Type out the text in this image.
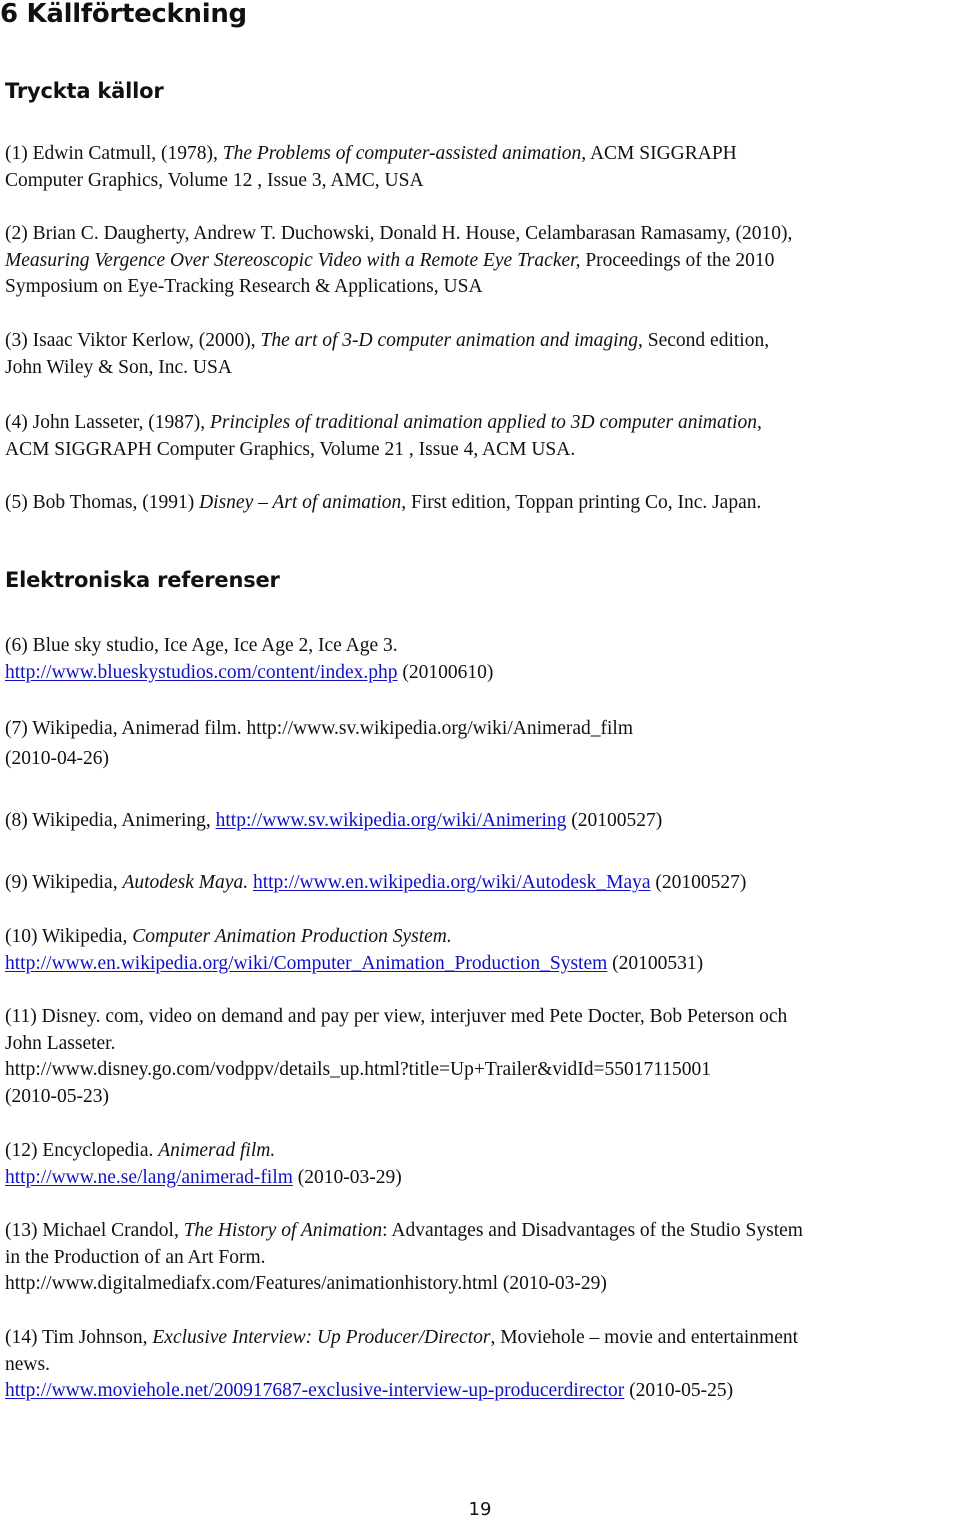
6 Källförteckning
Tryckta källor
(1) Edwin Catmull, (1978), The Problems of computer-assisted animation, ACM SIGGRAPH
Computer Graphics, Volume 12 , Issue 3, AMC, USA
(2) Brian C. Daugherty, Andrew T. Duchowski, Donald H. House, Celambarasan Ramasamy, (2010),
Measuring Vergence Over Stereoscopic Video with a Remote Eye Tracker, Proceedings of the 2010
Symposium on Eye-Tracking Research & Applications, USA
(3) Isaac Viktor Kerlow, (2000), The art of 3-D computer animation and imaging, Second edition,
John Wiley & Son, Inc. USA
(4) John Lasseter, (1987), Principles of traditional animation applied to 3D computer animation,
ACM SIGGRAPH Computer Graphics, Volume 21 , Issue 4, ACM USA.
(5) Bob Thomas, (1991) Disney – Art of animation, First edition, Toppan printing Co, Inc. Japan.
Elektroniska referenser
(6) Blue sky studio, Ice Age, Ice Age 2, Ice Age 3.
http://www.blueskystudios.com/content/index.php (20100610)
(7) Wikipedia, Animerad film. http://www.sv.wikipedia.org/wiki/Animerad_film
(2010-04-26)
(8) Wikipedia, Animering, http://www.sv.wikipedia.org/wiki/Animering (20100527)
(9) Wikipedia, Autodesk Maya. http://www.en.wikipedia.org/wiki/Autodesk_Maya (20100527)
(10) Wikipedia, Computer Animation Production System.
http://www.en.wikipedia.org/wiki/Computer_Animation_Production_System (20100531)
(11) Disney. com, video on demand and pay per view, interjuver med Pete Docter, Bob Peterson och
John Lasseter.
http://www.disney.go.com/vodppv/details_up.html?title=Up+Trailer&vidId=55017115001
(2010-05-23)
(12) Encyclopedia. Animerad film.
http://www.ne.se/lang/animerad-film (2010-03-29)
(13) Michael Crandol, The History of Animation: Advantages and Disadvantages of the Studio System
in the Production of an Art Form.
http://www.digitalmediafx.com/Features/animationhistory.html (2010-03-29)
(14) Tim Johnson, Exclusive Interview: Up Producer/Director, Moviehole – movie and entertainment
news.
http://www.moviehole.net/200917687-exclusive-interview-up-producerdirector (2010-05-25)
19
